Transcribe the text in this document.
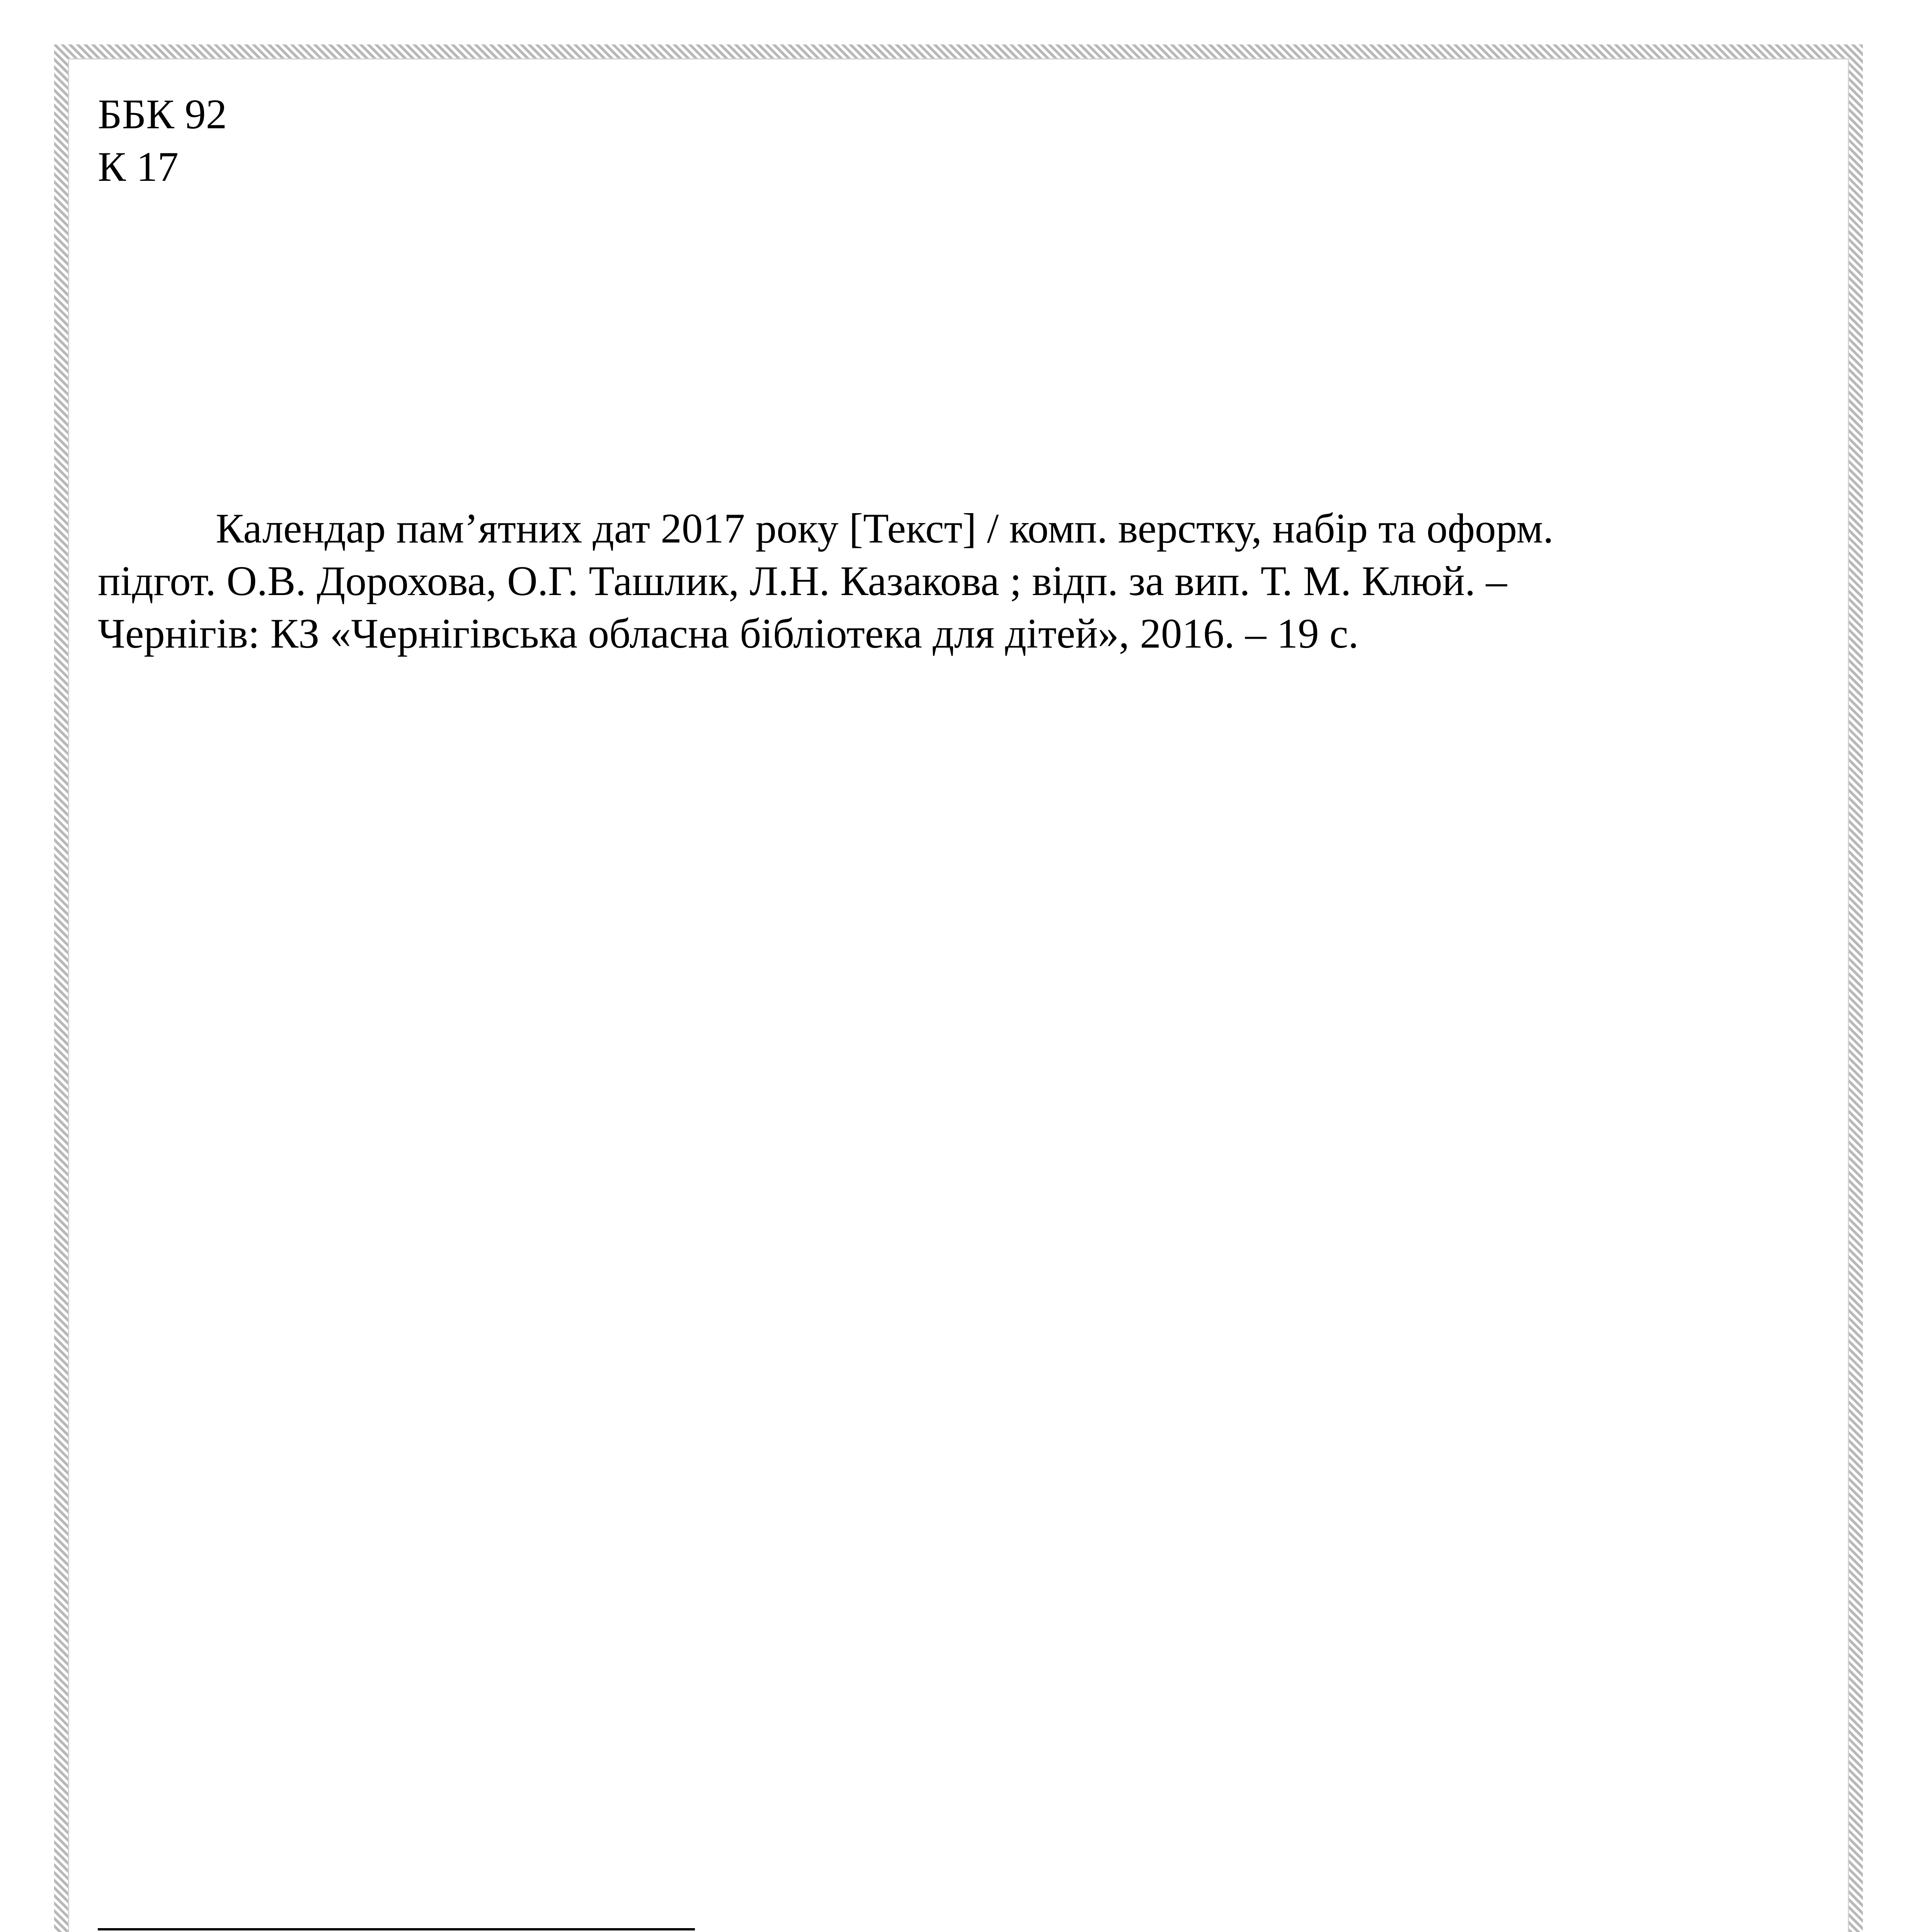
ББК 92
К 17

Календар пам’ятних дат 2017 року [Текст] / комп. верстку, набір та оформ.
підгот. О.В. Дорохова, О.Г. Ташлик, Л.Н. Казакова ; відп. за вип. Т. М. Клюй. –
Чернігів: КЗ «Чернігівська обласна бібліотека для дітей», 2016. – 19 с.
